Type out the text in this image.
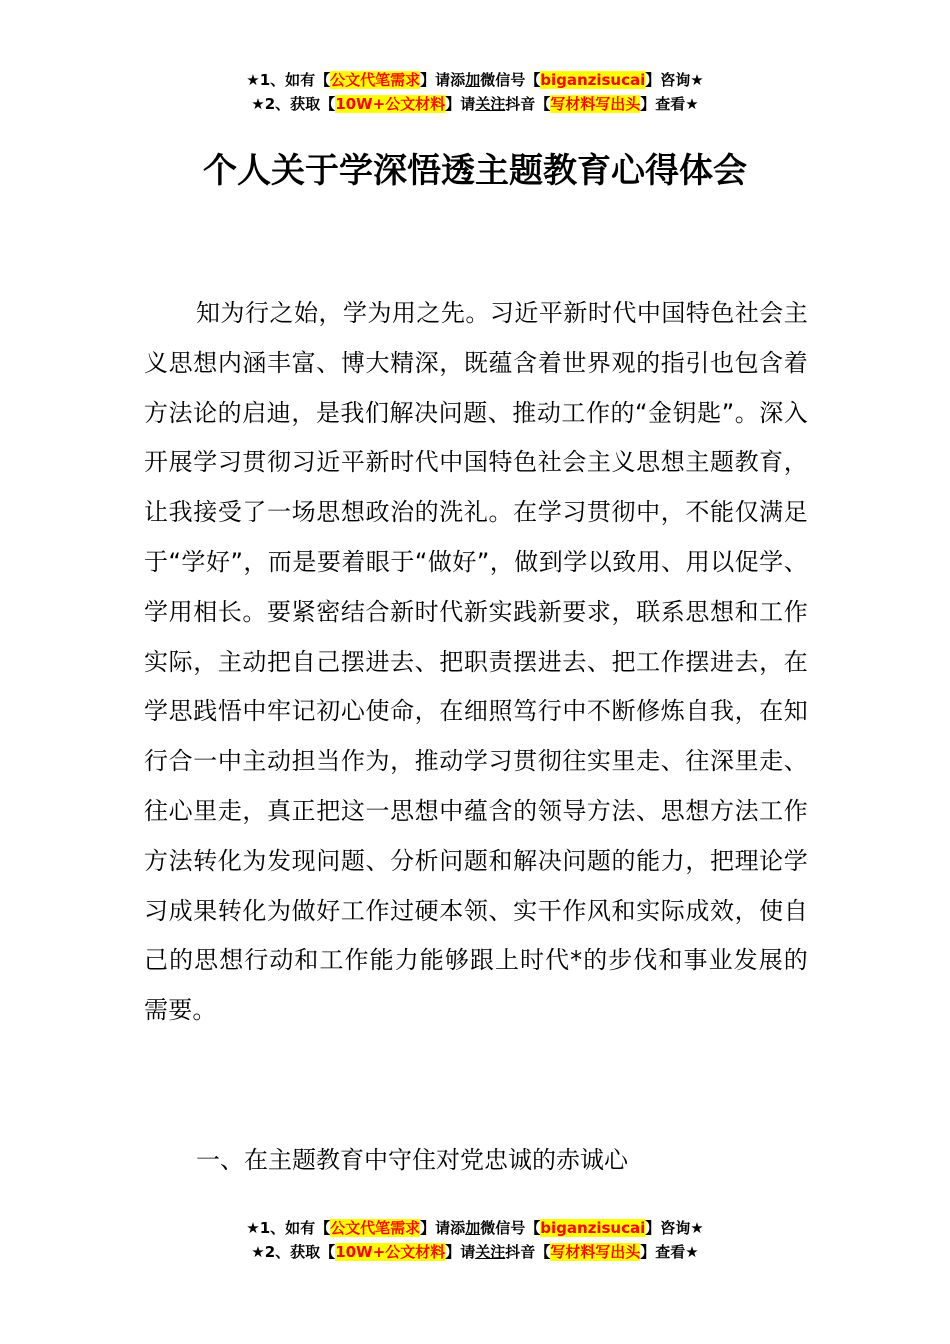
★1、如有【公文代笔需求】请添加微信号【biganzisucai】咨询★
★2、获取【10W+公文材料】请关注抖音【写材料写出头】查看★
个人关于学深悟透主题教育心得体会

知为行之始，学为用之先。习近平新时代中国特色社会主义思想内涵丰富、博大精深，既蕴含着世界观的指引也包含着方法论的启迪，是我们解决问题、推动工作的“金钥匙”。深入开展学习贯彻习近平新时代中国特色社会主义思想主题教育，让我接受了一场思想政治的洗礼。在学习贯彻中，不能仅满足于“学好”，而是要着眼于“做好”，做到学以致用、用以促学、学用相长。要紧密结合新时代新实践新要求，联系思想和工作实际，主动把自己摆进去、把职责摆进去、把工作摆进去，在学思践悟中牢记初心使命，在细照笃行中不断修炼自我，在知行合一中主动担当作为，推动学习贯彻往实里走、往深里走、往心里走，真正把这一思想中蕴含的领导方法、思想方法工作方法转化为发现问题、分析问题和解决问题的能力，把理论学习成果转化为做好工作过硬本领、实干作风和实际成效，使自己的思想行动和工作能力能够跟上时代*的步伐和事业发展的需要。

一、在主题教育中守住对党忠诚的赤诚心
★1、如有【公文代笔需求】请添加微信号【biganzisucai】咨询★
★2、获取【10W+公文材料】请关注抖音【写材料写出头】查看★
